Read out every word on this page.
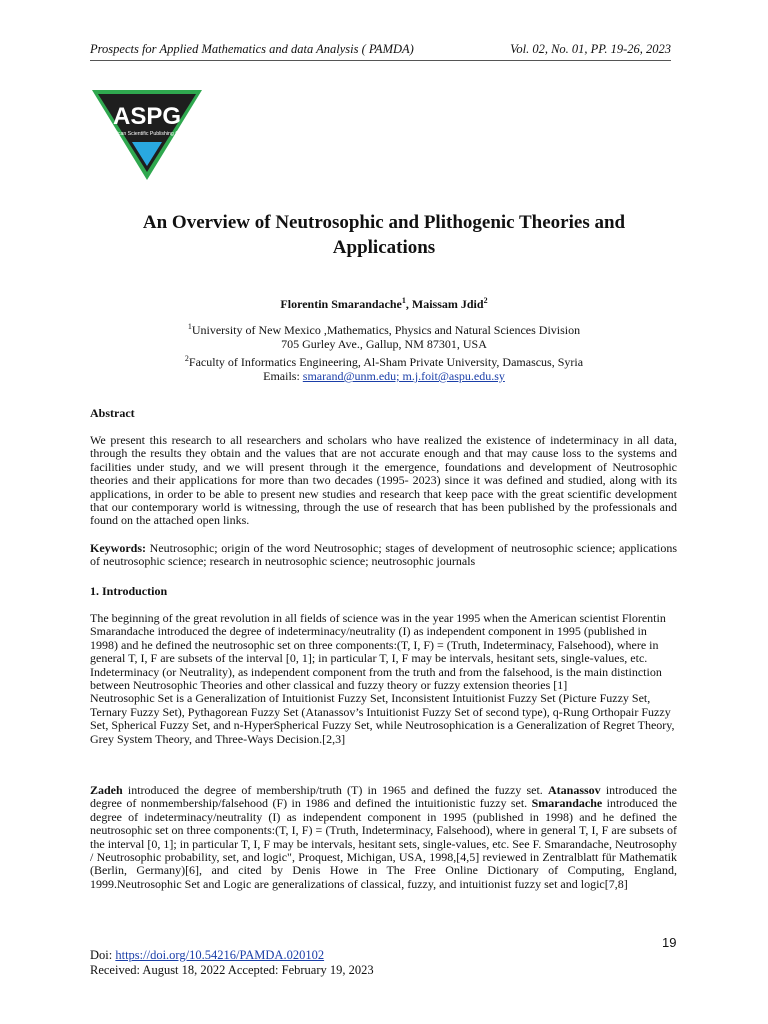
Prospects for Applied Mathematics and data Analysis ( PAMDA)	Vol. 02, No. 01, PP. 19-26, 2023
ASPG
American Scientific Publishing Group
An Overview of Neutrosophic and Plithogenic Theories and Applications
Florentin Smarandache$^1$, Maissam Jdid$^2$
$^1$University of New Mexico ,Mathematics, Physics and Natural Sciences Division
705 Gurley Ave., Gallup, NM 87301, USA
$^2$Faculty of Informatics Engineering, Al-Sham Private University, Damascus, Syria
Emails: smarand@unm.edu; m.j.foit@aspu.edu.sy
Abstract
We present this research to all researchers and scholars who have realized the existence of indeterminacy in all data, through the results they obtain and the values that are not accurate enough and that may cause loss to the systems and facilities under study, and we will present through it the emergence, foundations and development of Neutrosophic theories and their applications for more than two decades (1995- 2023) since it was defined and studied, along with its applications, in order to be able to present new studies and research that keep pace with the great scientific development that our contemporary world is witnessing, through the use of research that has been published by the professionals and found on the attached open links.
Keywords: Neutrosophic; origin of the word Neutrosophic; stages of development of neutrosophic science; applications of neutrosophic science; research in neutrosophic science; neutrosophic journals
1. Introduction
The beginning of the great revolution in all fields of science was in the year 1995 when the American scientist Florentin Smarandache introduced the degree of indeterminacy/neutrality (I) as independent component in 1995 (published in 1998) and he defined the neutrosophic set on three components:(T, I, F) = (Truth, Indeterminacy, Falsehood), where in general T, I, F are subsets of the interval [0, 1]; in particular T, I, F may be intervals, hesitant sets, single-values, etc. Indeterminacy (or Neutrality), as independent component from the truth and from the falsehood, is the main distinction between Neutrosophic Theories and other classical and fuzzy theory or fuzzy extension theories [1]
Neutrosophic Set is a Generalization of Intuitionist Fuzzy Set, Inconsistent Intuitionist Fuzzy Set (Picture Fuzzy Set, Ternary Fuzzy Set), Pythagorean Fuzzy Set (Atanassov’s Intuitionist Fuzzy Set of second type), q-Rung Orthopair Fuzzy Set, Spherical Fuzzy Set, and n-HyperSpherical Fuzzy Set, while Neutrosophication is a Generalization of Regret Theory, Grey System Theory, and Three-Ways Decision.[2,3]
Zadeh introduced the degree of membership/truth (T) in 1965 and defined the fuzzy set. Atanassov introduced the degree of nonmembership/falsehood (F) in 1986 and defined the intuitionistic fuzzy set. Smarandache introduced the degree of indeterminacy/neutrality (I) as independent component in 1995 (published in 1998) and he defined the neutrosophic set on three components:(T, I, F) = (Truth, Indeterminacy, Falsehood), where in general T, I, F are subsets of the interval [0, 1]; in particular T, I, F may be intervals, hesitant sets, single-values, etc. See F. Smarandache, Neutrosophy / Neutrosophic probability, set, and logic", Proquest, Michigan, USA, 1998,[4,5] reviewed in Zentralblatt für Mathematik (Berlin, Germany)[6], and cited by Denis Howe in The Free Online Dictionary of Computing, England, 1999.Neutrosophic Set and Logic are generalizations of classical, fuzzy, and intuitionist fuzzy set and logic[7,8]
19
Doi: https://doi.org/10.54216/PAMDA.020102
Received: August 18, 2022 Accepted: February 19, 2023
